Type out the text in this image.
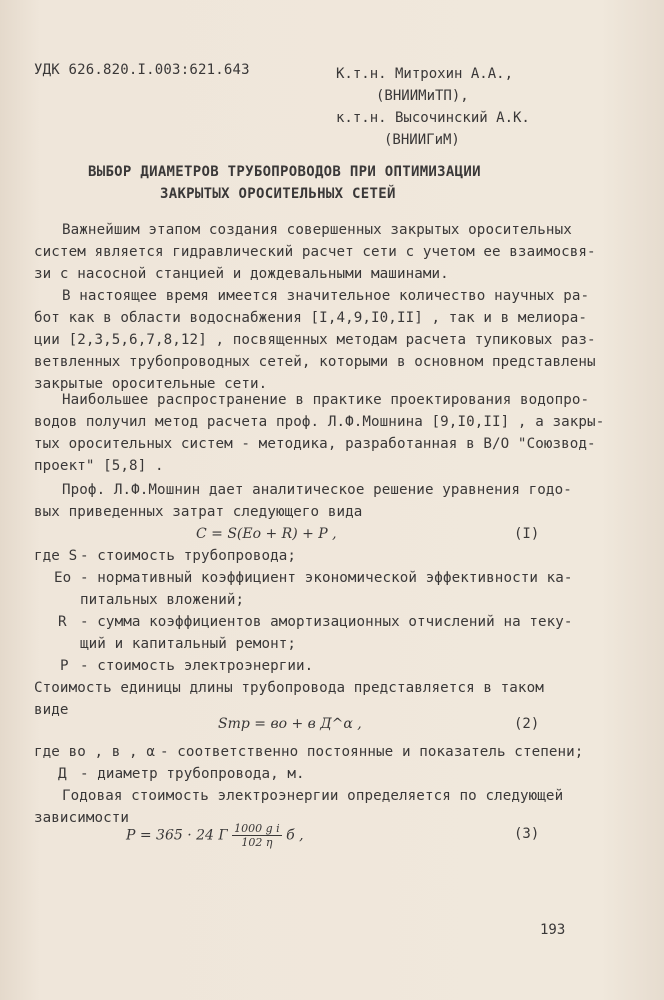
УДК 626.820.I.003:621.643	К.т.н. Митрохин А.А.,
(ВНИИМиТП),
к.т.н. Высочинский А.К.
(ВНИИГиМ)
ВЫБОР ДИАМЕТРОВ ТРУБОПРОВОДОВ ПРИ ОПТИМИЗАЦИИ
ЗАКРЫТЫХ ОРОСИТЕЛЬНЫХ СЕТЕЙ
Важнейшим этапом создания совершенных закрытых оросительных
систем является гидравлический расчет сети с учетом ее взаимосвя-
зи с насосной станцией и дождевальными машинами.
В настоящее время имеется значительное количество научных ра-
бот как в области водоснабжения [I,4,9,I0,II] , так и в мелиора-
ции [2,3,5,6,7,8,12] , посвященных методам расчета тупиковых раз-
ветвленных трубопроводных сетей, которыми в основном представлены
закрытые оросительные сети.
Наибольшее распространение в практике проектирования водопро-
водов получил метод расчета проф. Л.Ф.Мошнина [9,I0,II] , а закры-
тых оросительных систем - методика, разработанная в В/О "Союзвод-
проект" [5,8] .
Проф. Л.Ф.Мошнин дает аналитическое решение уравнения годо-
вых приведенных затрат следующего вида
C = S(Eo + R) + P ,	(I)
где S - стоимость трубопровода;
Eo - нормативный коэффициент экономической эффективности ка-
питальных вложений;
R - сумма коэффициентов амортизационных отчислений на теку-
щий и капитальный ремонт;
P - стоимость электроэнергии.
Стоимость единицы длины трубопровода представляется в таком
виде
Sтр = во + в Д^α ,	(2)
где во , в , α - соответственно постоянные и показатель степени;
Д - диаметр трубопровода, м.
Годовая стоимость электроэнергии определяется по следующей
зависимости
P = 365 · 24 Г $\frac{\text{1000 g i}}{102 \eta}$ б ,	(3)
193
